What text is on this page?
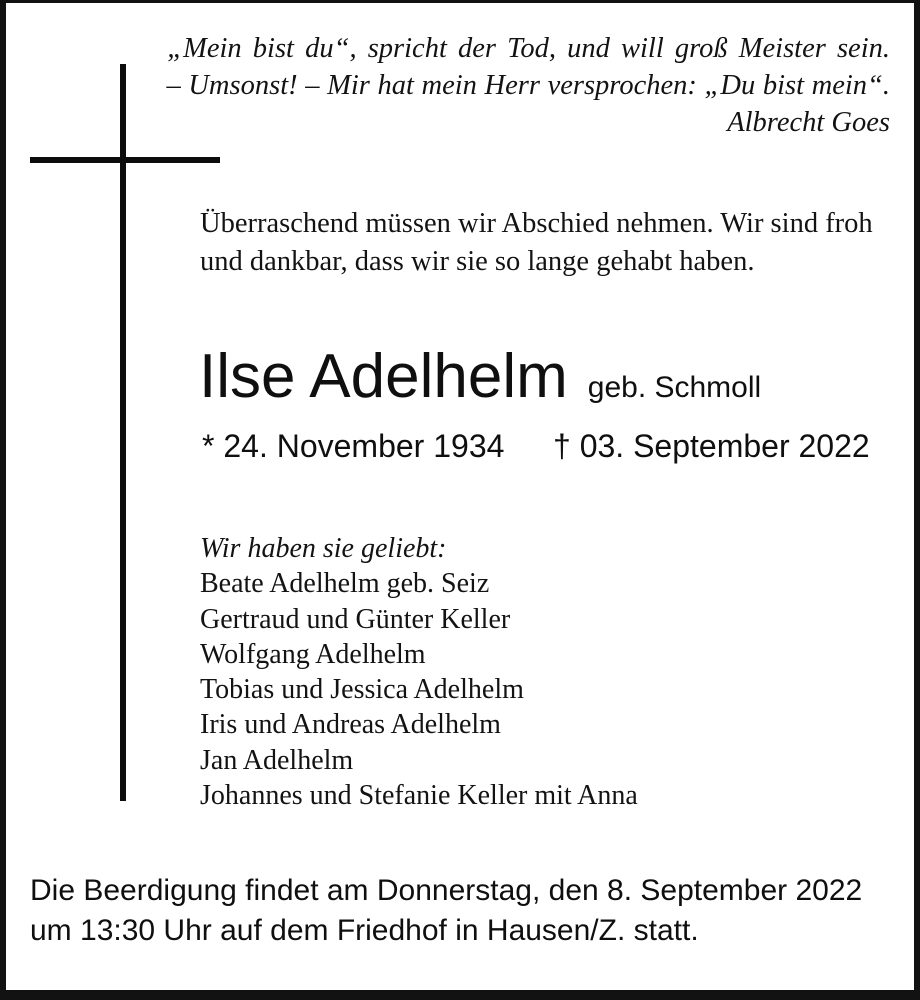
„Mein bist du“, spricht der Tod, und will groß Meister sein.
– Umsonst! – Mir hat mein Herr versprochen: „Du bist mein“.
Albrecht Goes
Überraschend müssen wir Abschied nehmen. Wir sind froh und dankbar, dass wir sie so lange gehabt haben.
Ilse Adelhelm geb. Schmoll
* 24. November 1934 † 03. September 2022
Wir haben sie geliebt:
Beate Adelhelm geb. Seiz
Gertraud und Günter Keller
Wolfgang Adelhelm
Tobias und Jessica Adelhelm
Iris und Andreas Adelhelm
Jan Adelhelm
Johannes und Stefanie Keller mit Anna
Die Beerdigung findet am Donnerstag, den 8. September 2022 um 13:30 Uhr auf dem Friedhof in Hausen/Z. statt.
